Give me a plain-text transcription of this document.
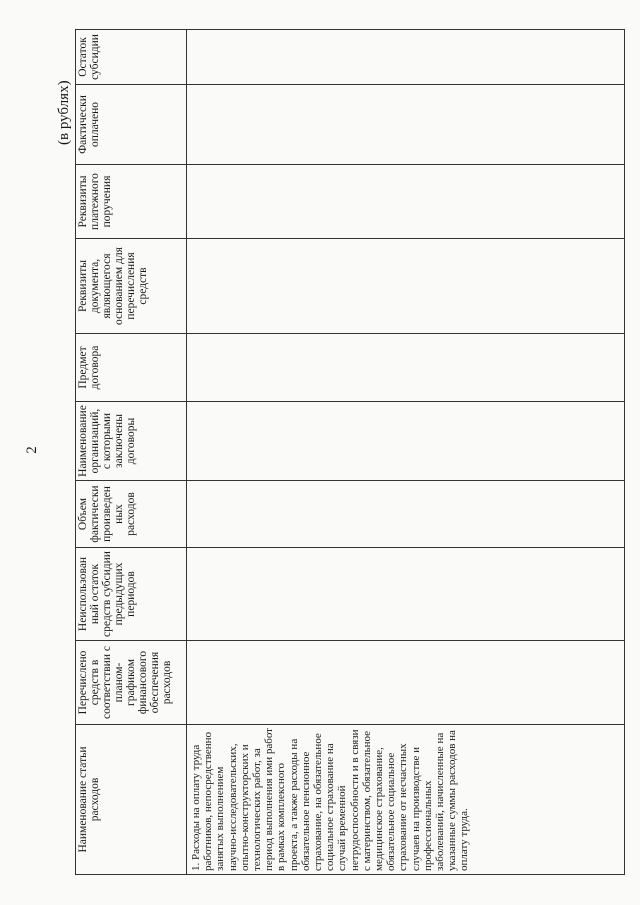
2
(в рублях)
Наименование статьи расходов	Перечислено средств в соответствии с планом-графиком финансового обеспечения расходов	Неиспользован ный остаток средств субсидии предыдущих периодов	Объем фактически произведен ных расходов	Наименование организаций, с которыми заключены договоры	Предмет договора	Реквизиты документа, являющегося основанием для перечисления средств	Реквизиты платежного поручения	Фактически оплачено	Остаток субсидии
1. Расходы на оплату труда работников, непосредственно занятых выполнением научно-исследовательских, опытно-конструкторских и технологических работ, за период выполнения ими работ в рамках комплексного проекта, а также расходы на обязательное пенсионное страхование, на обязательное социальное страхование на случай временной нетрудоспособности и в связи с материнством, обязательное медицинское страхование, обязательное социальное страхование от несчастных случаев на производстве и профессиональных заболеваний, начисленные на указанные суммы расходов на оплату труда.									
